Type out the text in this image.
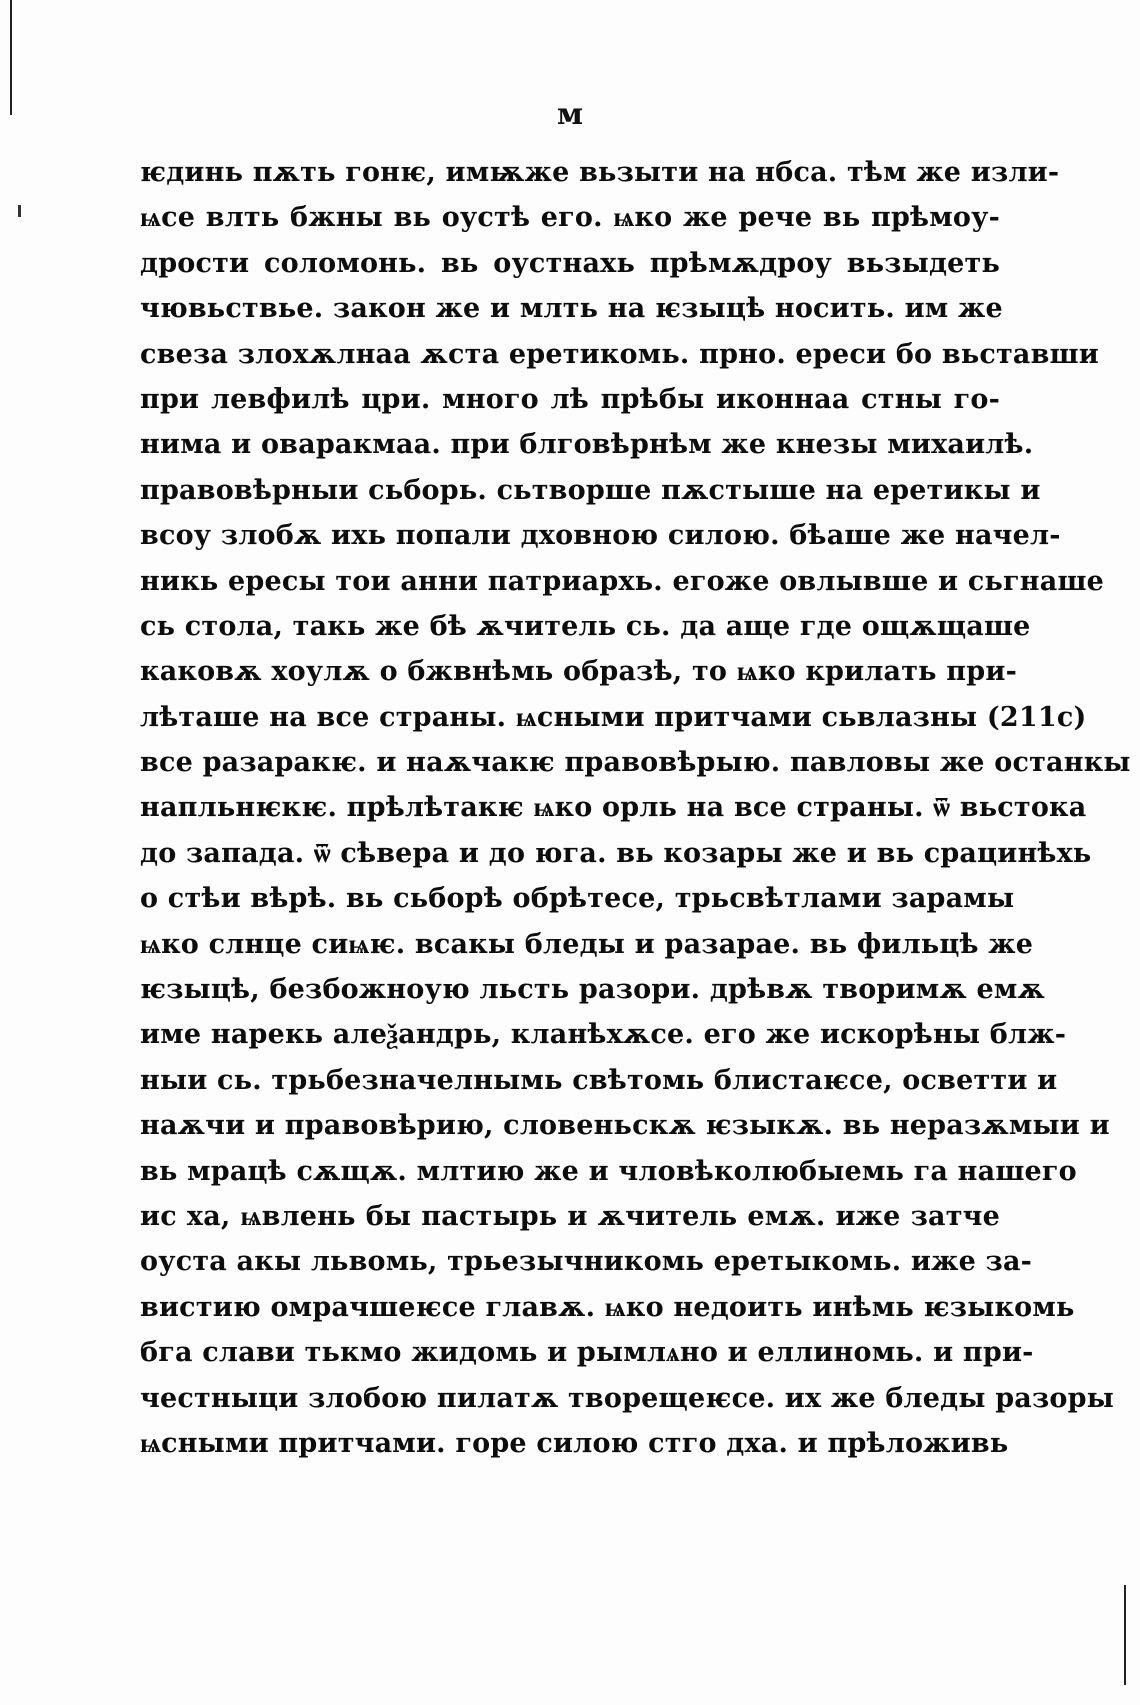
м
ѥдинь пѫть гонѥ, имѭже вьзыти на нбса. тѣм же изли-
ѩсе влть бжны вь оустѣ его. ѩко же рече вь прѣмоу-
дрости соломонь. вь оустнахь прѣмѫдроу вьзыдеть
чювьствье. закон же и млть на ѥзыцѣ носить. им же
свеза злохѫлнаа ѫста еретикомь. прно. ереси бо вьставши
при левфилѣ цри. много лѣ прѣбы иконнаа стны го-
нима и оваракмаа. при блговѣрнѣм же кнезы михаилѣ.
правовѣрныи сьборь. сьтворше пѫстыше на еретикы и
всоу злобѫ ихь попали дховною силою. бѣаше же начел-
никь ересы тои анни патриархь. егоже овлывше и сьгнаше
сь стола, такь же бѣ ѫчитель сь. да аще где ощѫщаше
каковѫ хоулѫ о бжвнѣмь образѣ, то ѩко крилать при-
лѣташе на все страны. ѩсными притчами сьвлазны (211с)
все разаракѥ. и наѫчакѥ правовѣрыю. павловы же останкы
напльнѥкѥ. прѣлѣтакѥ ѩко орль на все страны. ѿ вьстока
до запада. ѿ сѣвера и до юга. вь козары же и вь срацинѣхь
о стѣи вѣрѣ. вь сьборѣ обрѣтесе, трьсвѣтлами зарамы
ѩко слнце сиѩѥ. всакы бледы и разарае. вь фильцѣ же
ѥзыцѣ, безбожноую льсть разори. дрѣвѫ творимѫ емѫ
име нарекь алеѯандрь, кланѣхѫсе. его же искорѣны блж-
ныи сь. трьбезначелнымь свѣтомь блистаѥсе, осветти и
наѫчи и правовѣрию, словеньскѫ ѥзыкѫ. вь неразѫмыи и
вь мрацѣ сѫщѫ. млтию же и чловѣколюбыемь га нашего
ис ха, ѩвлень бы пастырь и ѫчитель емѫ. иже затче
оуста акы львомь, трьезычникомь еретыкомь. иже за-
вистию омрачшеѥсе главѫ. ѩко недоить инѣмь ѥзыкомь
бга слави тькмо жидомь и рымлѧно и еллиномь. и при-
честныци злобою пилатѫ творещеѥсе. их же бледы разоры
ѩсными притчами. горе силою стго дха. и прѣложивь
